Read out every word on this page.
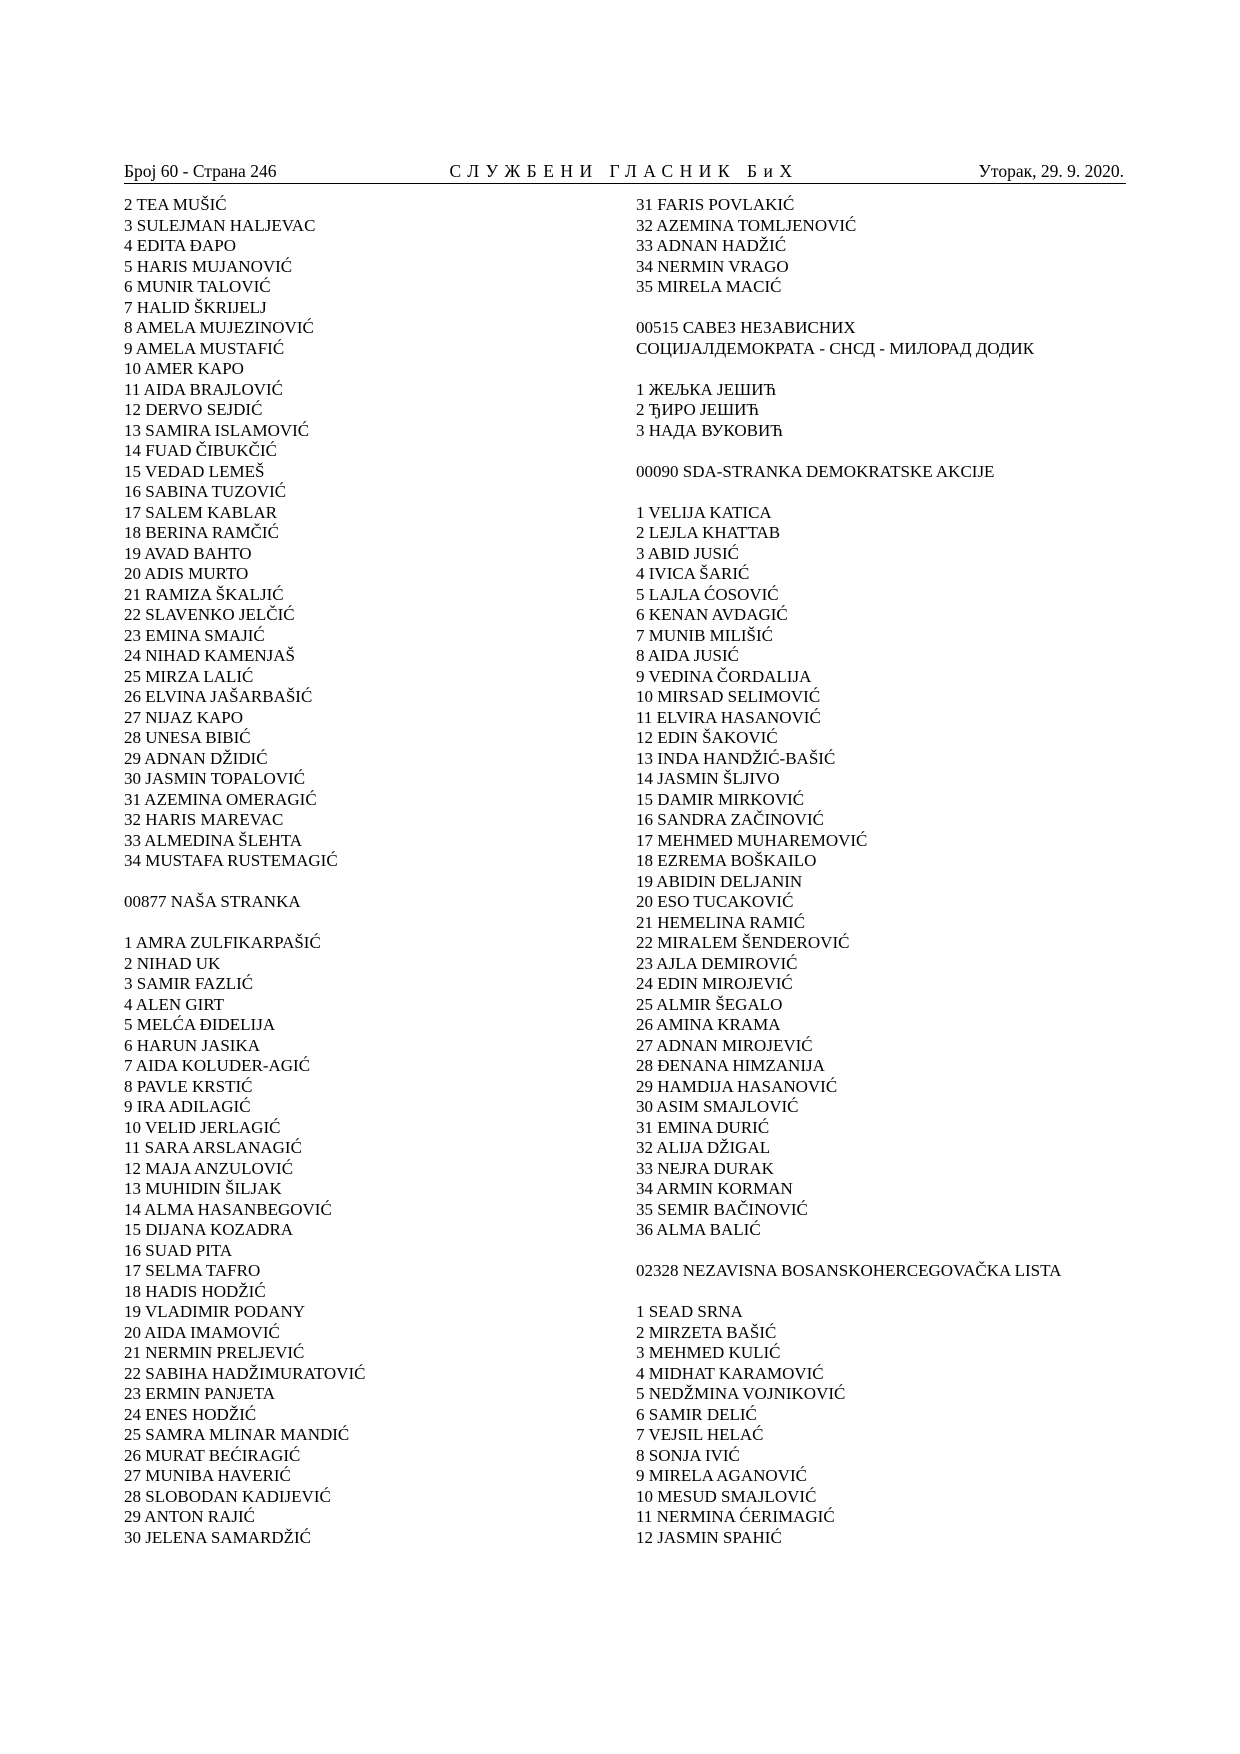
Број 60 - Страна 246	СЛУЖБЕНИ ГЛАСНИК БиХ	Уторак, 29. 9. 2020.
2 TEA MUŠIĆ
3 SULEJMAN HALJEVAC
4 EDITA ĐAPO
5 HARIS MUJANOVIĆ
6 MUNIR TALOVIĆ
7 HALID ŠKRIJELJ
8 AMELA MUJEZINOVIĆ
9 AMELA MUSTAFIĆ
10 AMER KAPO
11 AIDA BRAJLOVIĆ
12 DERVO SEJDIĆ
13 SAMIRA ISLAMOVIĆ
14 FUAD ČIBUKČIĆ
15 VEDAD LEMEŠ
16 SABINA TUZOVIĆ
17 SALEM KABLAR
18 BERINA RAMČIĆ
19 AVAD BAHTO
20 ADIS MURTO
21 RAMIZA ŠKALJIĆ
22 SLAVENKO JELČIĆ
23 EMINA SMAJIĆ
24 NIHAD KAMENJAŠ
25 MIRZA LALIĆ
26 ELVINA JAŠARBAŠIĆ
27 NIJAZ KAPO
28 UNESA BIBIĆ
29 ADNAN DŽIDIĆ
30 JASMIN TOPALOVIĆ
31 AZEMINA OMERAGIĆ
32 HARIS MAREVAC
33 ALMEDINA ŠLEHTA
34 MUSTAFA RUSTEMAGIĆ
00877 NAŠA STRANKA
1 AMRA ZULFIKARPAŠIĆ
2 NIHAD UK
3 SAMIR FAZLIĆ
4 ALEN GIRT
5 MELĆA ĐIDELIJA
6 HARUN JASIKA
7 AIDA KOLUDER-AGIĆ
8 PAVLE KRSTIĆ
9 IRA ADILAGIĆ
10 VELID JERLAGIĆ
11 SARA ARSLANAGIĆ
12 MAJA ANZULOVIĆ
13 MUHIDIN ŠILJAK
14 ALMA HASANBEGOVIĆ
15 DIJANA KOZADRA
16 SUAD PITA
17 SELMA TAFRO
18 HADIS HODŽIĆ
19 VLADIMIR PODANY
20 AIDA IMAMOVIĆ
21 NERMIN PRELJEVIĆ
22 SABIHA HADŽIMURATOVIĆ
23 ERMIN PANJETA
24 ENES HODŽIĆ
25 SAMRA MLINAR MANDIĆ
26 MURAT BEĆIRAGIĆ
27 MUNIBA HAVERIĆ
28 SLOBODAN KADIJEVIĆ
29 ANTON RAJIĆ
30 JELENA SAMARDŽIĆ
31 FARIS POVLAKIĆ
32 AZEMINA TOMLJENOVIĆ
33 ADNAN HADŽIĆ
34 NERMIN VRAGO
35 MIRELA MACIĆ
00515 САВЕЗ НЕЗАВИСНИХ
СОЦИЈАЛДЕМОКРАТА - СНСД - МИЛОРАД ДОДИК
1 ЖЕЉКА ЈЕШИЋ
2 ЂИРО ЈЕШИЋ
3 НАДА ВУКОВИЋ
00090 SDA-STRANKA DEMOKRATSKE AKCIJE
1 VELIJA KATICA
2 LEJLA KHATTAB
3 ABID JUSIĆ
4 IVICA ŠARIĆ
5 LAJLA ĆOSOVIĆ
6 KENAN AVDAGIĆ
7 MUNIB MILIŠIĆ
8 AIDA JUSIĆ
9 VEDINA ČORDALIJA
10 MIRSAD SELIMOVIĆ
11 ELVIRA HASANOVIĆ
12 EDIN ŠAKOVIĆ
13 INDA HANDŽIĆ-BAŠIĆ
14 JASMIN ŠLJIVO
15 DAMIR MIRKOVIĆ
16 SANDRA ZAČINOVIĆ
17 MEHMED MUHAREMOVIĆ
18 EZREMA BOŠKAILO
19 ABIDIN DELJANIN
20 ESO TUCAKOVIĆ
21 HEMELINA RAMIĆ
22 MIRALEM ŠENDEROVIĆ
23 AJLA DEMIROVIĆ
24 EDIN MIROJEVIĆ
25 ALMIR ŠEGALO
26 AMINA KRAMA
27 ADNAN MIROJEVIĆ
28 ĐENANA HIMZANIJA
29 HAMDIJA HASANOVIĆ
30 ASIM SMAJLOVIĆ
31 EMINA DURIĆ
32 ALIJA DŽIGAL
33 NEJRA DURAK
34 ARMIN KORMAN
35 SEMIR BAČINOVIĆ
36 ALMA BALIĆ
02328 NEZAVISNA BOSANSKOHERCEGOVAČKA LISTA
1 SEAD SRNA
2 MIRZETA BAŠIĆ
3 MEHMED KULIĆ
4 MIDHAT KARAMOVIĆ
5 NEDŽMINA VOJNIKOVIĆ
6 SAMIR DELIĆ
7 VEJSIL HELAĆ
8 SONJA IVIĆ
9 MIRELA AGANOVIĆ
10 MESUD SMAJLOVIĆ
11 NERMINA ĆERIMAGIĆ
12 JASMIN SPAHIĆ
